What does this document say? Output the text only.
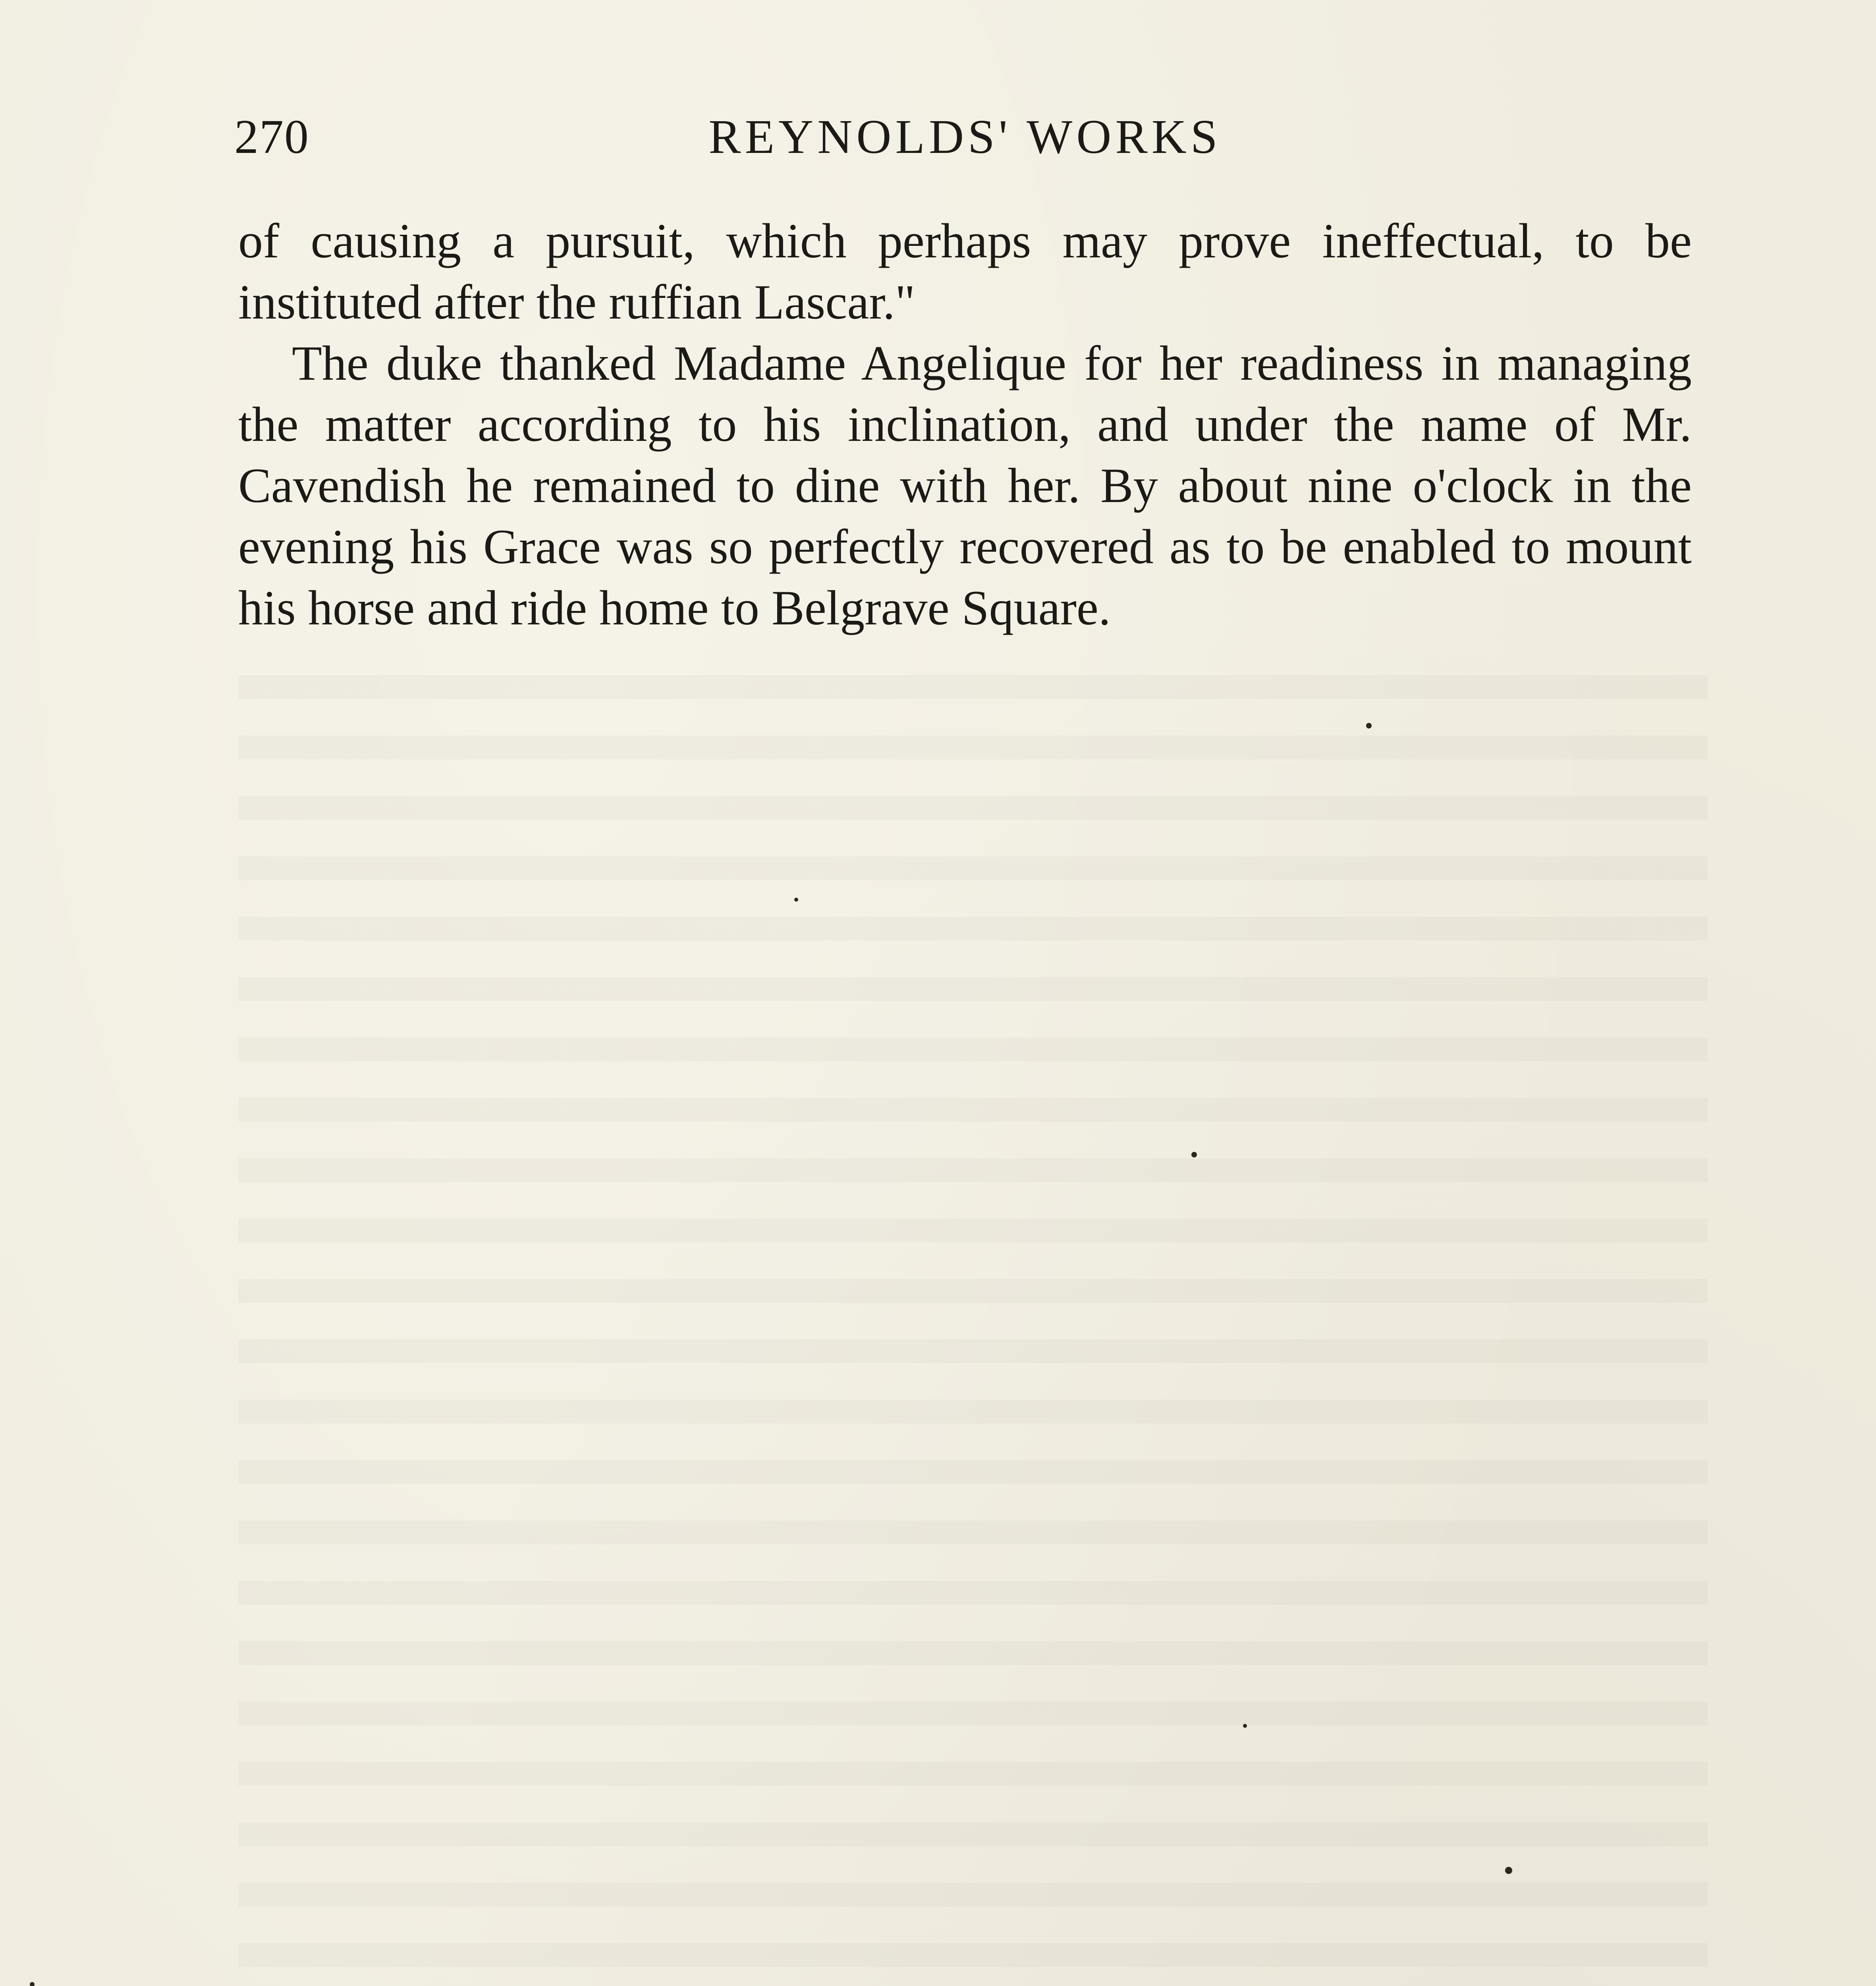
270	REYNOLDS' WORKS

of causing a pursuit, which perhaps may prove ineffectual, to be instituted after the ruffian Lascar."

The duke thanked Madame Angelique for her readiness in managing the matter according to his inclination, and under the name of Mr. Cavendish he remained to dine with her. By about nine o'clock in the evening his Grace was so perfectly recovered as to be enabled to mount his horse and ride home to Belgrave Square.
